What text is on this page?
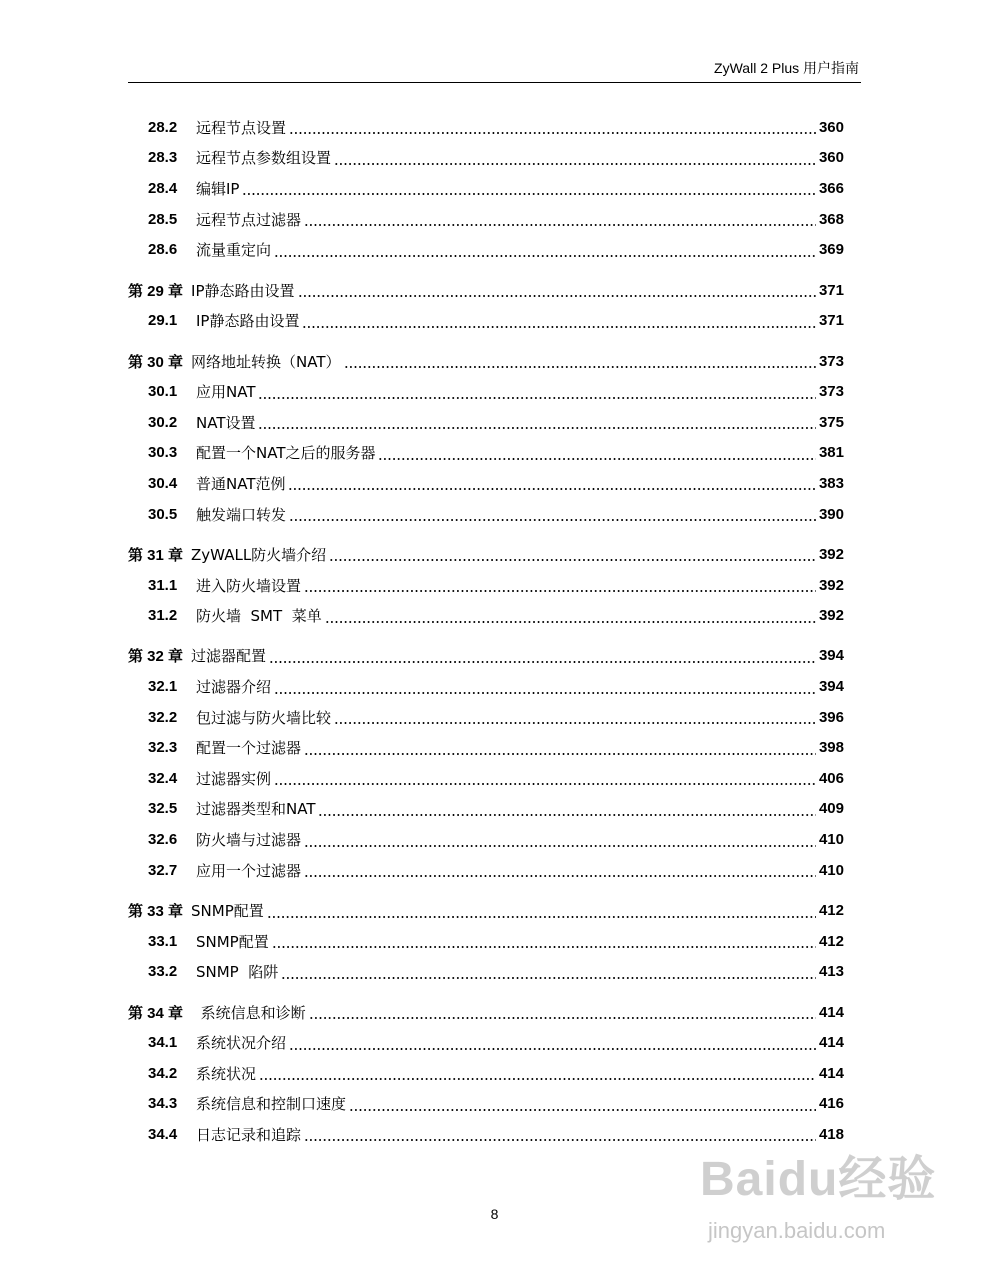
ZyWall 2 Plus 用户指南
28.2	远程节点设置	360
28.3	远程节点参数组设置	360
28.4	编辑IP	366
28.5	远程节点过滤器	368
28.6	流量重定向	369
第 29 章 IP静态路由设置	371
29.1	IP静态路由设置	371
第 30 章 网络地址转换（NAT）	373
30.1	应用NAT	373
30.2	NAT设置	375
30.3	配置一个NAT之后的服务器	381
30.4	普通NAT范例	383
30.5	触发端口转发	390
第 31 章 ZyWALL防火墙介绍	392
31.1	进入防火墙设置	392
31.2	防火墙  SMT  菜单	392
第 32 章 过滤器配置	394
32.1	过滤器介绍	394
32.2	包过滤与防火墙比较	396
32.3	配置一个过滤器	398
32.4	过滤器实例	406
32.5	过滤器类型和NAT	409
32.6	防火墙与过滤器	410
32.7	应用一个过滤器	410
第 33 章 SNMP配置	412
33.1	SNMP配置	412
33.2	SNMP  陷阱	413
第 34 章 系统信息和诊断	414
34.1	系统状况介绍	414
34.2	系统状况	414
34.3	系统信息和控制口速度	416
34.4	日志记录和追踪	418
8
Baidu经验
jingyan.baidu.com
